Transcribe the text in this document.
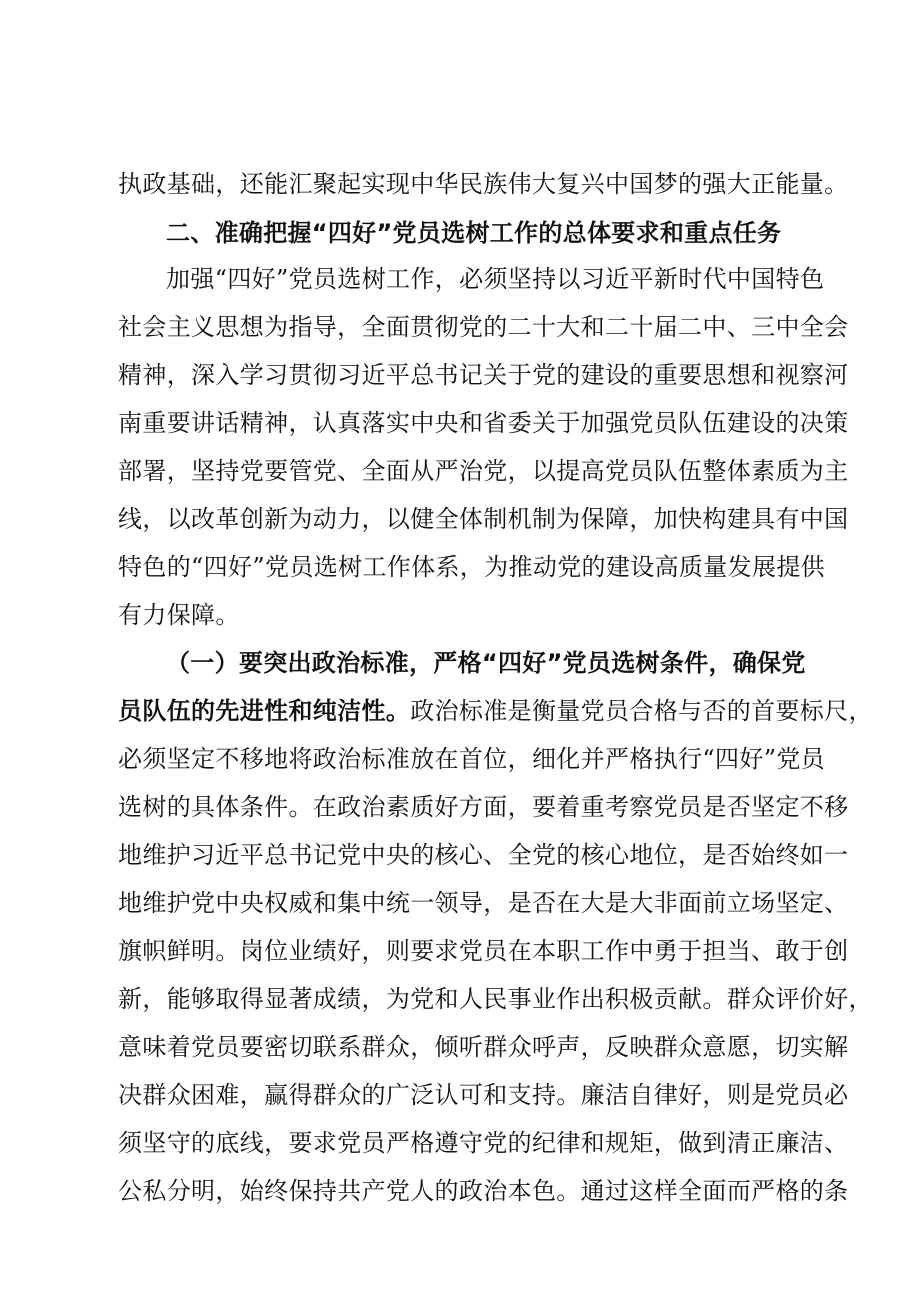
执政基础，还能汇聚起实现中华民族伟大复兴中国梦的强大正能量。
二、准确把握“四好”党员选树工作的总体要求和重点任务
加强“四好”党员选树工作，必须坚持以习近平新时代中国特色
社会主义思想为指导，全面贯彻党的二十大和二十届二中、三中全会
精神，深入学习贯彻习近平总书记关于党的建设的重要思想和视察河
南重要讲话精神，认真落实中央和省委关于加强党员队伍建设的决策
部署，坚持党要管党、全面从严治党，以提高党员队伍整体素质为主
线，以改革创新为动力，以健全体制机制为保障，加快构建具有中国
特色的“四好”党员选树工作体系，为推动党的建设高质量发展提供
有力保障。
（一）要突出政治标准，严格“四好”党员选树条件，确保党
员队伍的先进性和纯洁性。政治标准是衡量党员合格与否的首要标尺，
必须坚定不移地将政治标准放在首位，细化并严格执行“四好”党员
选树的具体条件。在政治素质好方面，要着重考察党员是否坚定不移
地维护习近平总书记党中央的核心、全党的核心地位，是否始终如一
地维护党中央权威和集中统一领导，是否在大是大非面前立场坚定、
旗帜鲜明。岗位业绩好，则要求党员在本职工作中勇于担当、敢于创
新，能够取得显著成绩，为党和人民事业作出积极贡献。群众评价好，
意味着党员要密切联系群众，倾听群众呼声，反映群众意愿，切实解
决群众困难，赢得群众的广泛认可和支持。廉洁自律好，则是党员必
须坚守的底线，要求党员严格遵守党的纪律和规矩，做到清正廉洁、
公私分明，始终保持共产党人的政治本色。通过这样全面而严格的条
